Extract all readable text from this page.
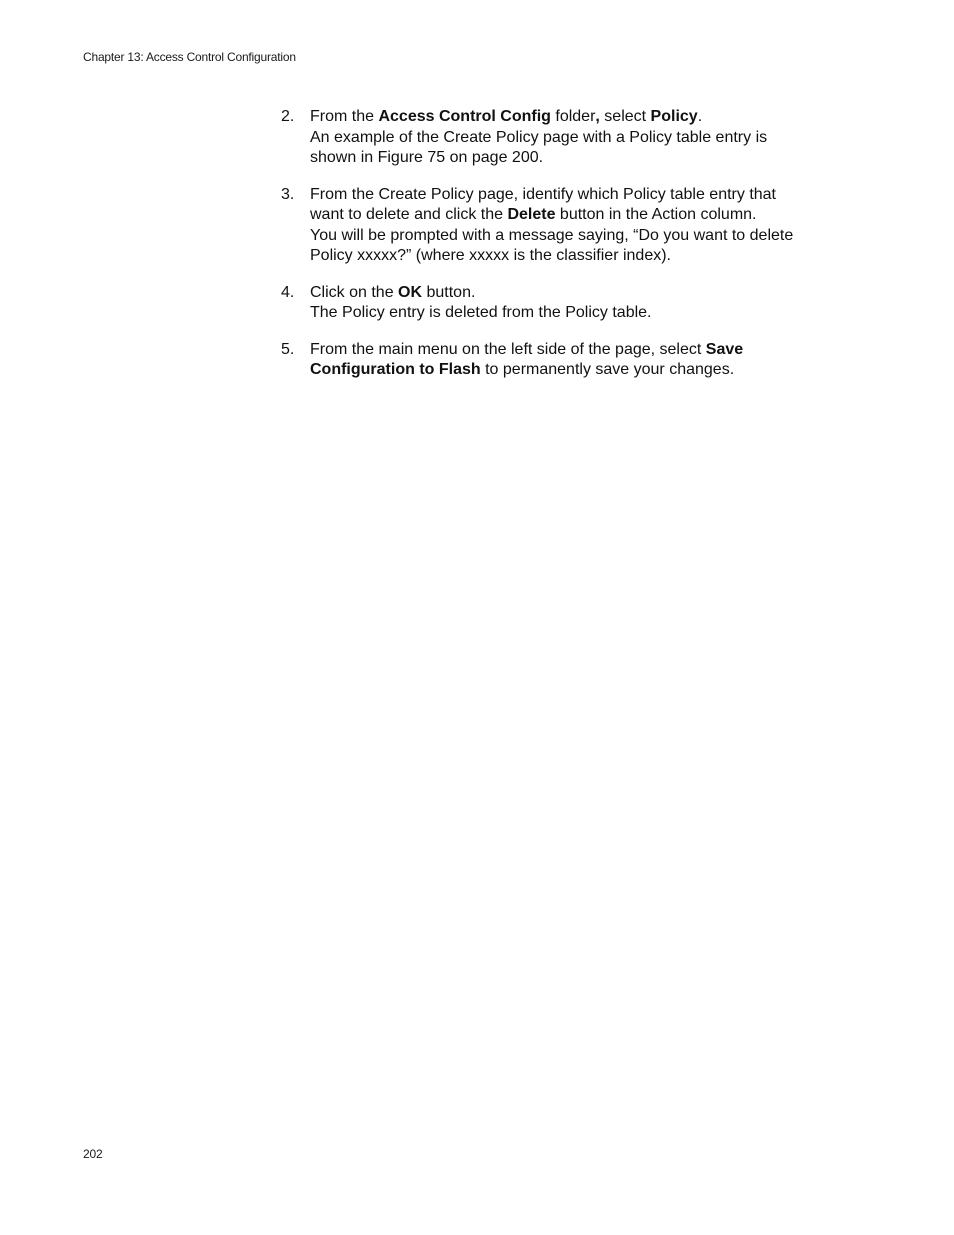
Chapter 13: Access Control Configuration
2. From the Access Control Config folder, select Policy.
An example of the Create Policy page with a Policy table entry is
shown in Figure 75 on page 200.
3. From the Create Policy page, identify which Policy table entry that
want to delete and click the Delete button in the Action column.
You will be prompted with a message saying, “Do you want to delete
Policy xxxxx?” (where xxxxx is the classifier index).
4. Click on the OK button.
The Policy entry is deleted from the Policy table.
5. From the main menu on the left side of the page, select Save
Configuration to Flash to permanently save your changes.
202
